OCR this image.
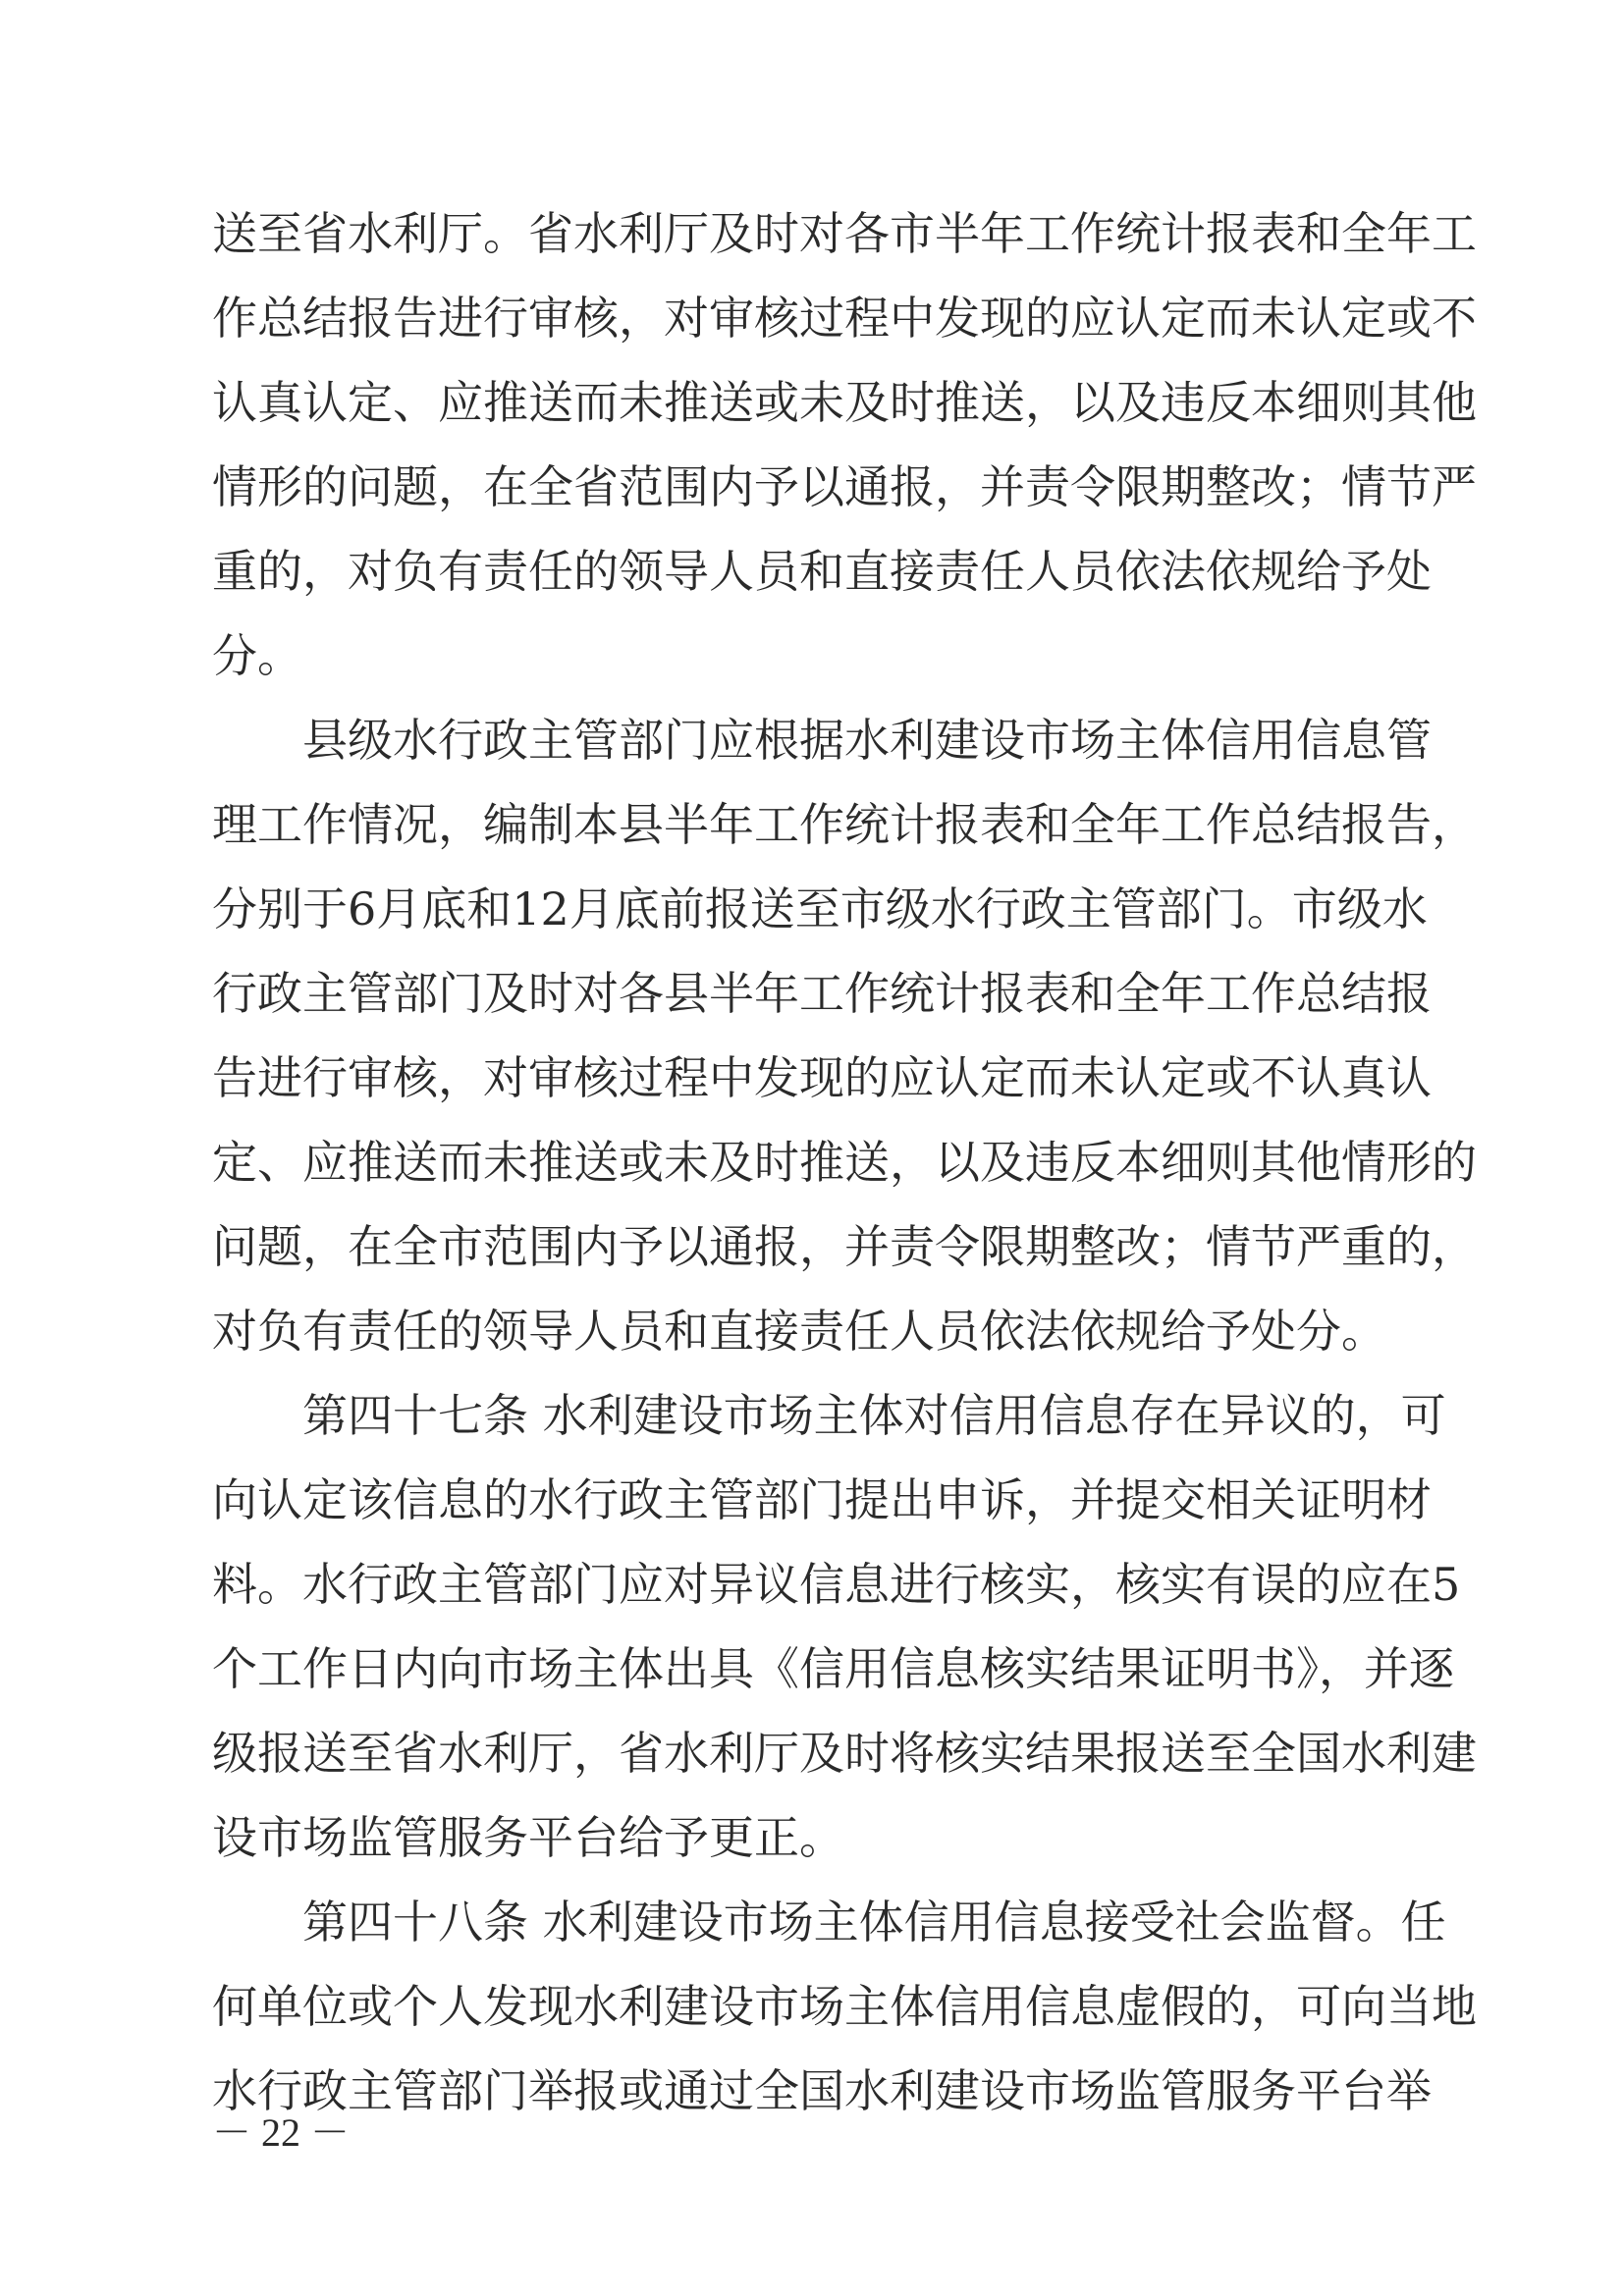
送至省水利厅。省水利厅及时对各市半年工作统计报表和全年工
作总结报告进行审核，对审核过程中发现的应认定而未认定或不
认真认定、应推送而未推送或未及时推送，以及违反本细则其他
情形的问题，在全省范围内予以通报，并责令限期整改；情节严
重的，对负有责任的领导人员和直接责任人员依法依规给予处
分。
县级水行政主管部门应根据水利建设市场主体信用信息管
理工作情况，编制本县半年工作统计报表和全年工作总结报告，
分别于6月底和12月底前报送至市级水行政主管部门。市级水
行政主管部门及时对各县半年工作统计报表和全年工作总结报
告进行审核，对审核过程中发现的应认定而未认定或不认真认
定、应推送而未推送或未及时推送，以及违反本细则其他情形的
问题，在全市范围内予以通报，并责令限期整改；情节严重的，
对负有责任的领导人员和直接责任人员依法依规给予处分。
第四十七条 水利建设市场主体对信用信息存在异议的，可
向认定该信息的水行政主管部门提出申诉，并提交相关证明材
料。水行政主管部门应对异议信息进行核实，核实有误的应在5
个工作日内向市场主体出具《信用信息核实结果证明书》，并逐
级报送至省水利厅，省水利厅及时将核实结果报送至全国水利建
设市场监管服务平台给予更正。
第四十八条 水利建设市场主体信用信息接受社会监督。任
何单位或个人发现水利建设市场主体信用信息虚假的，可向当地
水行政主管部门举报或通过全国水利建设市场监管服务平台举
－ 22 －
